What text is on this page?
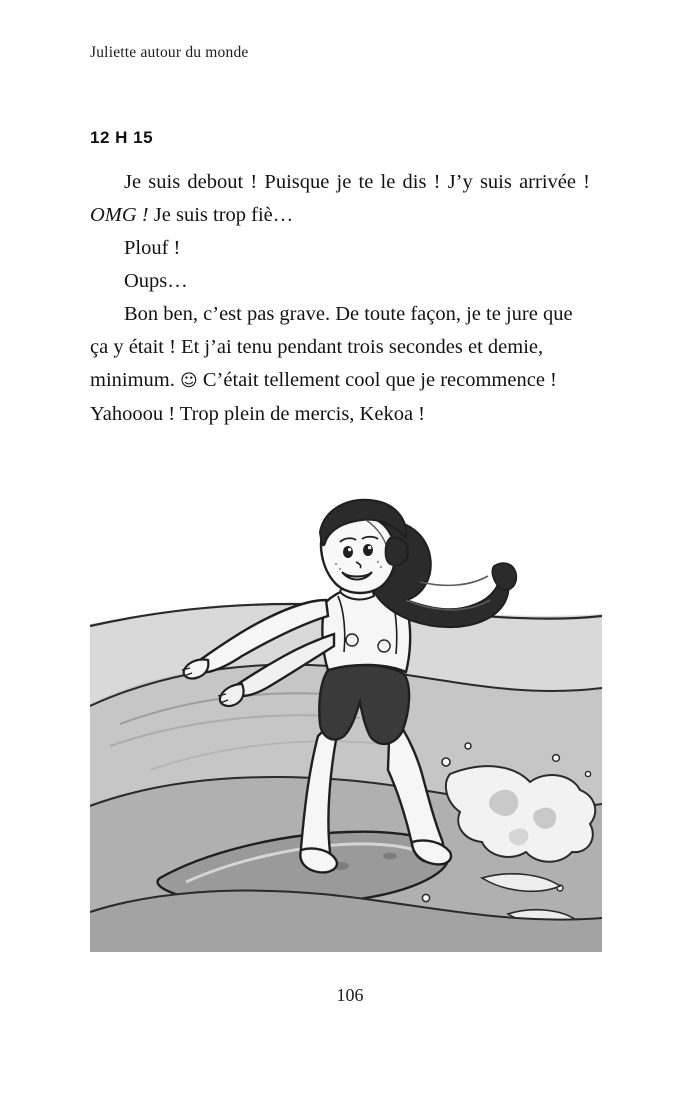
Juliette autour du monde
12 H 15

Je suis debout ! Puisque je te le dis ! J’y suis arrivée ! OMG ! Je suis trop fiè…

Plouf !

Oups…

Bon ben, c’est pas grave. De toute façon, je te jure que ça y était ! Et j’ai tenu pendant trois secondes et demie, minimum. ☺ C’était tellement cool que je recommence ! Yahooou ! Trop plein de mercis, Kekoa !

106
